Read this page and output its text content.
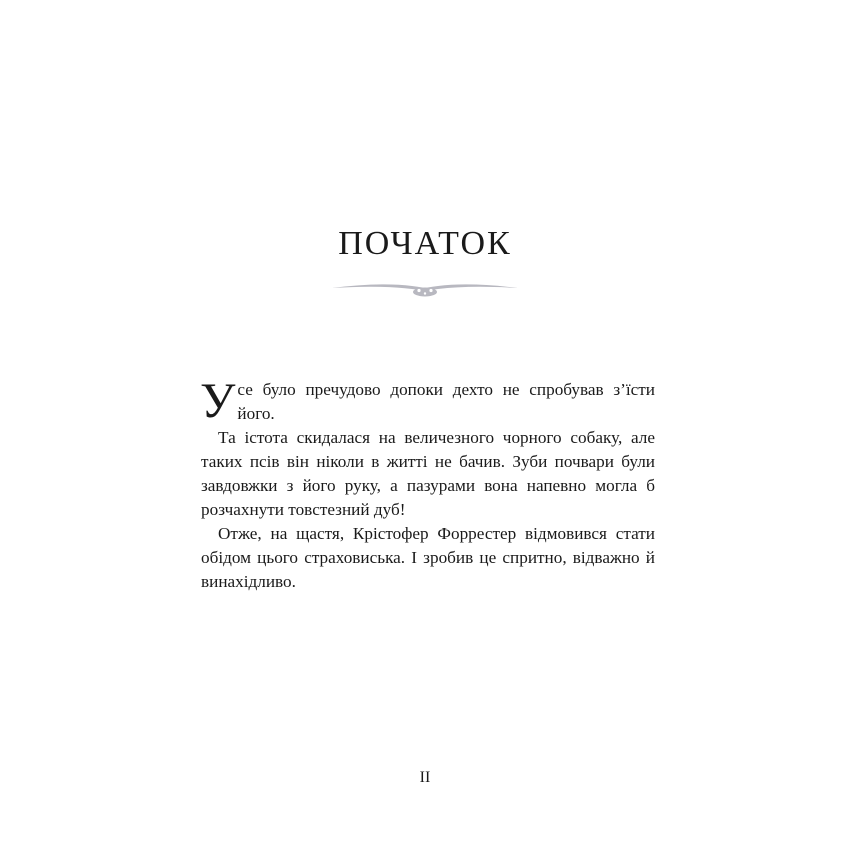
ПОЧАТОК

Усе було пречудово допоки дехто не спробував з’їсти його.

Та істота скидалася на величезного чорного собаку, але таких псів він ніколи в житті не бачив. Зуби почвари були завдовжки з його руку, а пазурами вона напевно могла б розчахнути товстезний дуб!

Отже, на щастя, Крістофер Форрестер відмовився стати обідом цього страховиська. І зробив це спритно, відважно й винахідливо.

II
